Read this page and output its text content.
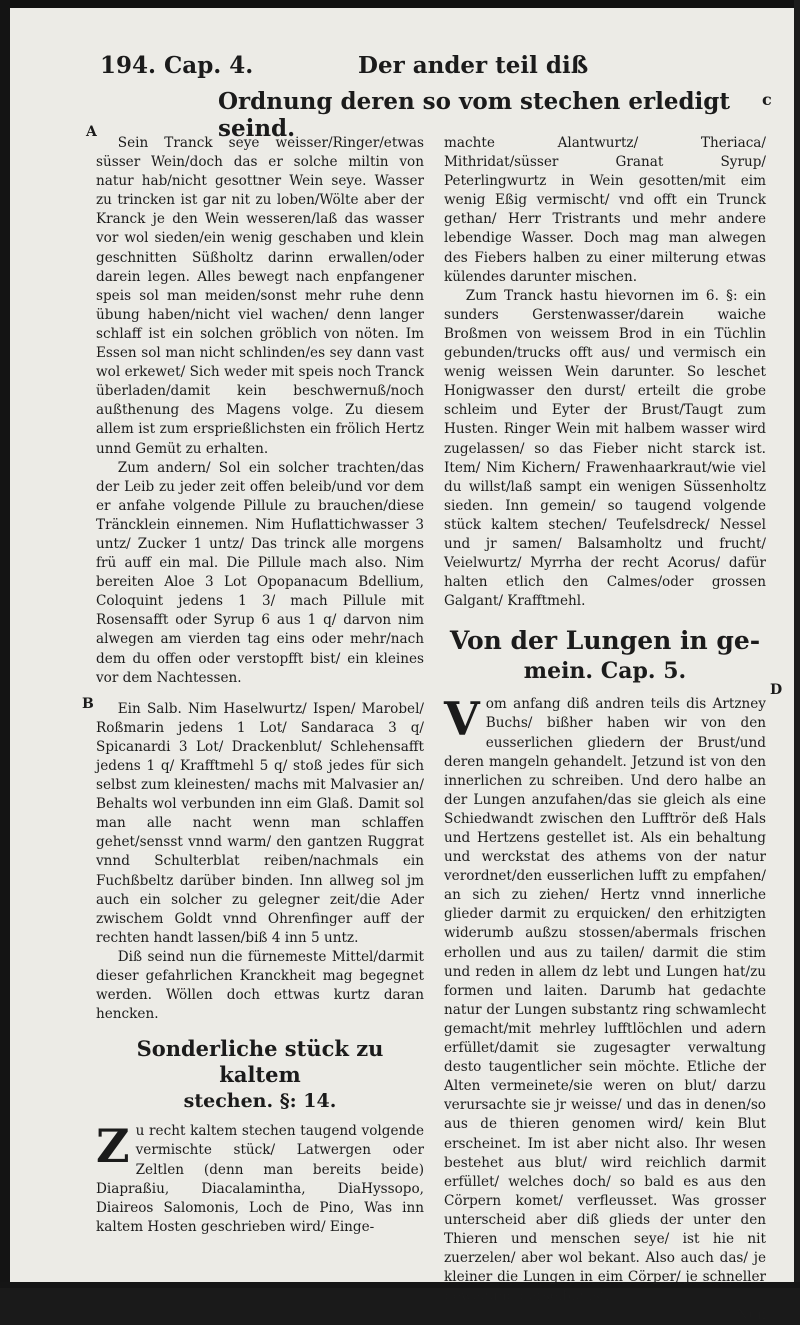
194. Cap. 4.	Der ander teil diß
Ordnung deren so vom stechen erledigt seind.
c
A
B
D

Sein Tranck seye weisser/Ringer/etwas süsser Wein/doch das er solche miltin von natur hab/nicht gesottner Wein seye. Wasser zu trincken ist gar nit zu loben/Wölte aber der Kranck je den Wein wesseren/laß das wasser vor wol sieden/ein wenig geschaben und klein geschnitten Süßholtz darinn erwallen/oder darein legen. Alles bewegt nach enpfangener speis sol man meiden/sonst mehr ruhe denn übung haben/nicht viel wachen/ denn langer schlaff ist ein solchen gröblich von nöten. Im Essen sol man nicht schlinden/es sey dann vast wol erkewet/ Sich weder mit speis noch Tranck überladen/damit kein beschwernuß/noch außthenung des Magens volge. Zu diesem allem ist zum ersprießlichsten ein frölich Hertz unnd Gemüt zu erhalten.

Zum andern/ Sol ein solcher trachten/das der Leib zu jeder zeit offen beleib/und vor dem er anfahe volgende Pillule zu brauchen/diese Träncklein einnemen. Nim Huflattichwasser 3 untz/ Zucker 1 untz/ Das trinck alle morgens frü auff ein mal. Die Pillule mach also. Nim bereiten Aloe 3 Lot Opopanacum Bdellium, Coloquint jedens 1 3/ mach Pillule mit Rosensafft oder Syrup 6 aus 1 q/ darvon nim alwegen am vierden tag eins oder mehr/nach dem du offen oder verstopfft bist/ ein kleines vor dem Nachtessen.

Ein Salb. Nim Haselwurtz/ Ispen/ Marobel/ Roßmarin jedens 1 Lot/ Sandaraca 3 q/ Spicanardi 3 Lot/ Drackenblut/ Schlehensafft jedens 1 q/ Krafftmehl 5 q/ stoß jedes für sich selbst zum kleinesten/ machs mit Malvasier an/ Behalts wol verbunden inn eim Glaß. Damit sol man alle nacht wenn man schlaffen gehet/sensst vnnd warm/ den gantzen Ruggrat vnnd Schulterblat reiben/nachmals ein Fuchßbeltz darüber binden. Inn allweg sol jm auch ein solcher zu gelegner zeit/die Ader zwischem Goldt vnnd Ohrenfinger auff der rechten handt lassen/biß 4 inn 5 untz.

Diß seind nun die fürnemeste Mittel/darmit dieser gefahrlichen Kranckheit mag begegnet werden. Wöllen doch ettwas kurtz daran hencken.

Sonderliche stück zu kaltem
stechen. §: 14.

Zu recht kaltem stechen taugend volgende vermischte stück/ Latwergen oder Zeltlen (denn man bereits beide) Diapraßiu, Diacalamintha, DiaHyssopo, Diaireos Salomonis, Loch de Pino, Was inn kaltem Hosten geschrieben wird/ Einge-

machte Alantwurtz/ Theriaca/ Mithridat/süsser Granat Syrup/ Peterlingwurtz in Wein gesotten/mit eim wenig Eßig vermischt/ vnd offt ein Trunck gethan/ Herr Tristrants und mehr andere lebendige Wasser. Doch mag man alwegen des Fiebers halben zu einer milterung etwas külendes darunter mischen.

Zum Tranck hastu hievornen im 6. §: ein sunders Gerstenwasser/darein waiche Broßmen von weissem Brod in ein Tüchlin gebunden/trucks offt aus/ und vermisch ein wenig weissen Wein darunter. So leschet Honigwasser den durst/ erteilt die grobe schleim und Eyter der Brust/Taugt zum Husten. Ringer Wein mit halbem wasser wird zugelassen/ so das Fieber nicht starck ist. Item/ Nim Kichern/ Frawenhaarkraut/wie viel du willst/laß sampt ein wenigen Süssenholtz sieden. Inn gemein/ so taugend volgende stück kaltem stechen/ Teufelsdreck/ Nessel und jr samen/ Balsamholtz und frucht/ Veielwurtz/ Myrrha der recht Acorus/ dafür halten etlich den Calmes/oder grossen Galgant/ Krafftmehl.

Von der Lungen in ge-
mein. Cap. 5.

Vom anfang diß andren teils dis Artzney Buchs/ bißher haben wir von den eusserlichen gliedern der Brust/und deren mangeln gehandelt. Jetzund ist von den innerlichen zu schreiben. Und dero halbe an der Lungen anzufahen/das sie gleich als eine Schiedwandt zwischen den Lufftrör deß Hals und Hertzens gestellet ist. Als ein behaltung und werckstat des athems von der natur verordnet/den eusserlichen lufft zu empfahen/ an sich zu ziehen/ Hertz vnnd innerliche glieder darmit zu erquicken/ den erhitzigten widerumb außzu stossen/abermals frischen erhollen und aus zu tailen/ darmit die stim und reden in allem dz lebt und Lungen hat/zu formen und laiten. Darumb hat gedachte natur der Lungen substantz ring schwamlecht gemacht/mit mehrley lufftlöchlen und adern erfüllet/damit sie zugesagter verwaltung desto taugentlicher sein möchte. Etliche der Alten vermeinete/sie weren on blut/ darzu verursachte sie jr weisse/ und das in denen/so aus de thieren genomen wird/ kein Blut erscheinet. Im ist aber nicht also. Ihr wesen bestehet aus blut/ wird reichlich darmit erfüllet/ welches doch/ so bald es aus den Cörpern komet/ verfleusset. Was grosser unterscheid aber diß glieds der unter den Thieren und menschen seye/ ist hie nit zuerzelen/ aber wol bekant. Also auch das/ je kleiner die Lungen in eim Cörper/ je schneller bewegung derselbig ist.

Nun
